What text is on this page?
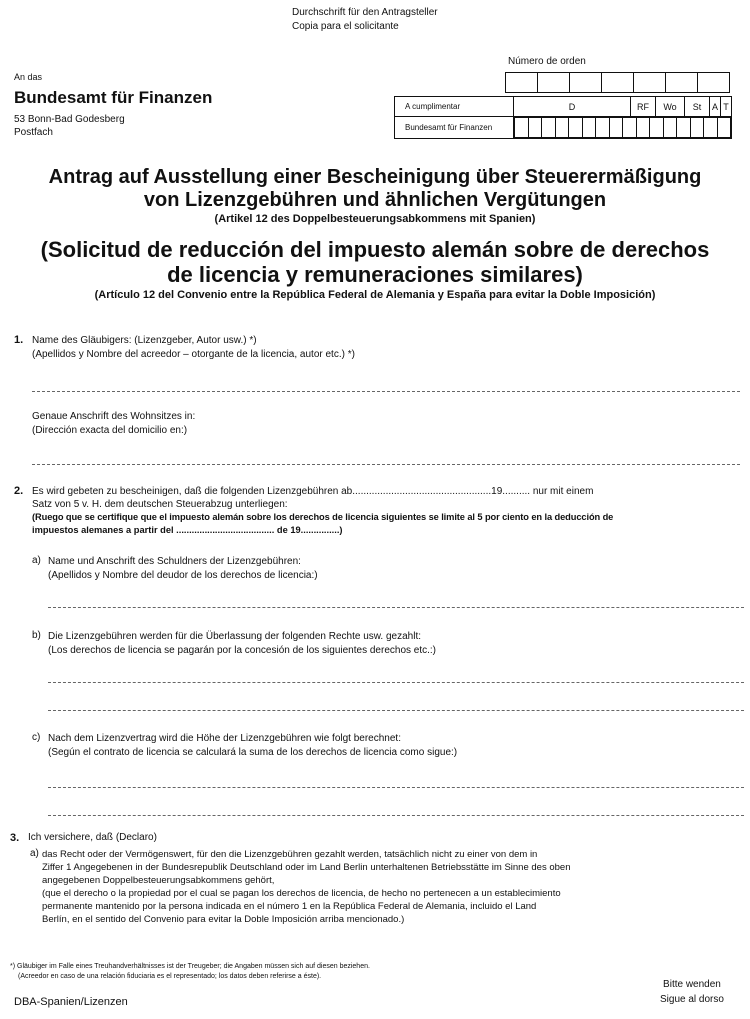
Durchschrift für den Antragsteller
Copia para el solicitante
An das
Bundesamt für Finanzen
53 Bonn-Bad Godesberg
Postfach
Número de orden

A cumplimentar	D	RF	Wo	St	A	T
Bundesamt für Finanzen	

Antrag auf Ausstellung einer Bescheinigung über Steuerermäßigung
von Lizenzgebühren und ähnlichen Vergütungen
(Artikel 12 des Doppelbesteuerungsabkommens mit Spanien)
(Solicitud de reducción del impuesto alemán sobre de derechos
de licencia y remuneraciones similares)
(Artículo 12 del Convenio entre la República Federal de Alemania y España para evitar la Doble Imposición)
1. Name des Gläubigers: (Lizenzgeber, Autor usw.) *)
(Apellidos y Nombre del acreedor – otorgante de la licencia, autor etc.) *)
Genaue Anschrift des Wohnsitzes in:
(Dirección exacta del domicilio en:)
2. Es wird gebeten zu bescheinigen, daß die folgenden Lizenzgebühren ab..................................................19.......... nur mit einem
Satz von 5 v. H. dem deutschen Steuerabzug unterliegen:
(Ruego que se certifique que el impuesto alemán sobre los derechos de licencia siguientes se limite al 5 por ciento en la deducción de
impuestos alemanes a partir del ...................................... de 19...............)
a) Name und Anschrift des Schuldners der Lizenzgebühren:
(Apellidos y Nombre del deudor de los derechos de licencia:)
b) Die Lizenzgebühren werden für die Überlassung der folgenden Rechte usw. gezahlt:
(Los derechos de licencia se pagarán por la concesión de los siguientes derechos etc.:)
c) Nach dem Lizenzvertrag wird die Höhe der Lizenzgebühren wie folgt berechnet:
(Según el contrato de licencia se calculará la suma de los derechos de licencia como sigue:)
3. Ich versichere, daß (Declaro)
a) das Recht oder der Vermögenswert, für den die Lizenzgebühren gezahlt werden, tatsächlich nicht zu einer von dem in
Ziffer 1 Angegebenen in der Bundesrepublik Deutschland oder im Land Berlin unterhaltenen Betriebsstätte im Sinne des oben
angegebenen Doppelbesteuerungsabkommens gehört,
(que el derecho o la propiedad por el cual se pagan los derechos de licencia, de hecho no pertenecen a un establecimiento
permanente mantenido por la persona indicada en el número 1 en la República Federal de Alemania, incluido el Land
Berlín, en el sentido del Convenio para evitar la Doble Imposición arriba mencionado.)
*) Gläubiger im Falle eines Treuhandverhältnisses ist der Treugeber; die Angaben müssen sich auf diesen beziehen.
(Acreedor en caso de una relación fiduciaria es el representado; los datos deben referirse a éste).
DBA-Spanien/Lizenzen
Bitte wenden
Sigue al dorso
